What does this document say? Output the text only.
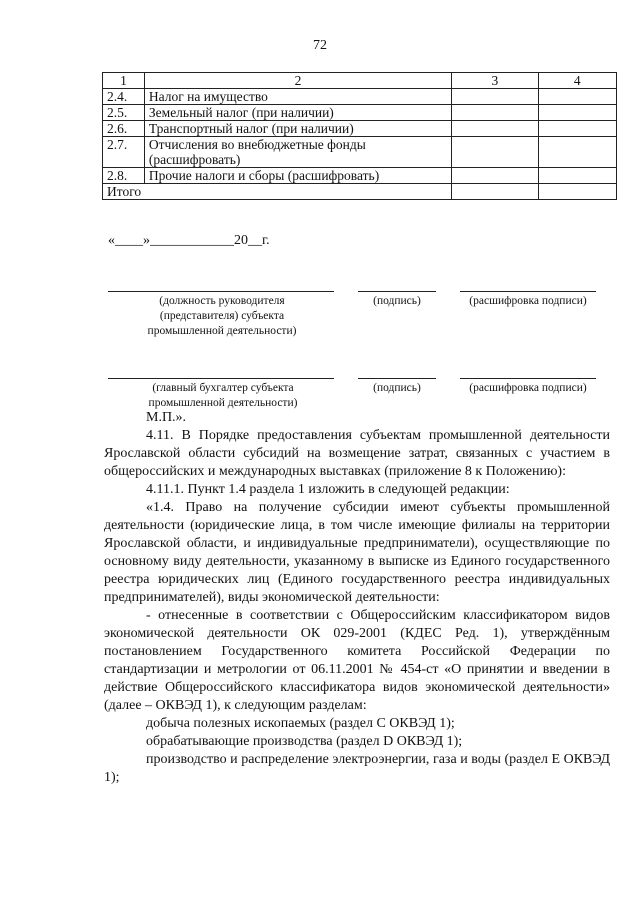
72
1	2	3	4
2.4.	Налог на имущество		
2.5.	Земельный налог (при наличии)		
2.6.	Транспортный налог (при наличии)		
2.7.	Отчисления во внебюджетные фонды (расшифровать)		
2.8.	Прочие налоги и сборы (расшифровать)		
Итого			
«____»____________20__г.
(должность руководителя (представителя) субъекта промышленной деятельности)
(подпись)	(расшифровка подписи)
(главный бухгалтер субъекта промышленной деятельности)
(подпись)	(расшифровка подписи)
М.П.».

4.11. В Порядке предоставления субъектам промышленной деятельности Ярославской области субсидий на возмещение затрат, связанных с участием в общероссийских и международных выставках (приложение 8 к Положению):

4.11.1. Пункт 1.4 раздела 1 изложить в следующей редакции:

«1.4. Право на получение субсидии имеют субъекты промышленной деятельности (юридические лица, в том числе имеющие филиалы на территории Ярославской области, и индивидуальные предприниматели), осуществляющие по основному виду деятельности, указанному в выписке из Единого государственного реестра юридических лиц (Единого государственного реестра индивидуальных предпринимателей), виды экономической деятельности:

- отнесенные в соответствии с Общероссийским классификатором видов экономической деятельности ОК 029-2001 (КДЕС Ред. 1), утверждённым постановлением Государственного комитета Российской Федерации по стандартизации и метрологии от 06.11.2001 № 454-ст «О принятии и введении в действие Общероссийского классификатора видов экономической деятельности» (далее – ОКВЭД 1), к следующим разделам:

добыча полезных ископаемых (раздел С ОКВЭД 1);

обрабатывающие производства (раздел D ОКВЭД 1);

производство и распределение электроэнергии, газа и воды (раздел Е ОКВЭД 1);
